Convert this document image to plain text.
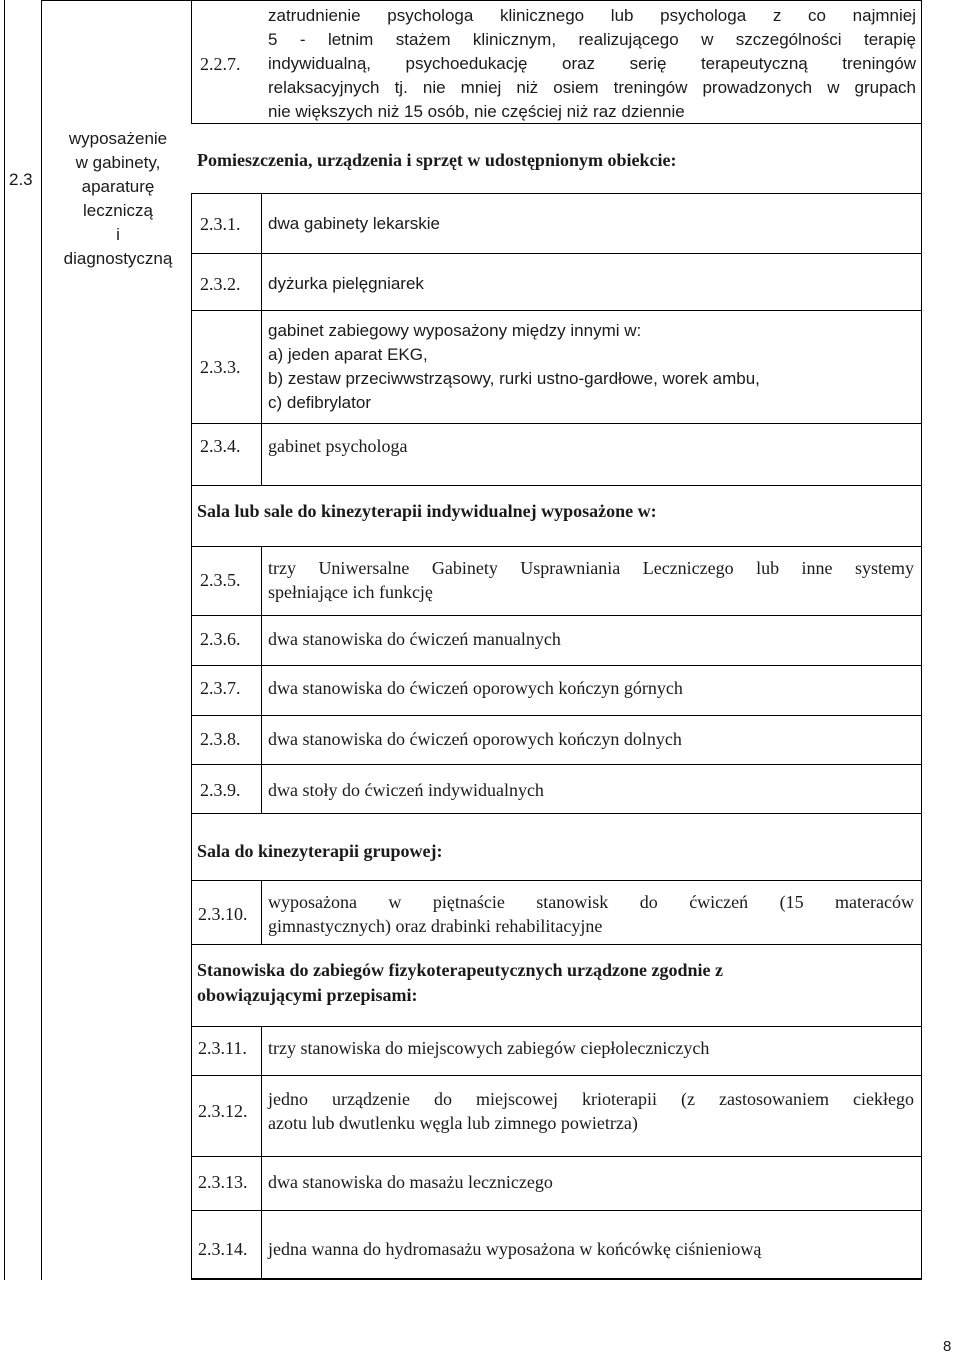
2.3
wyposażenie
w gabinety,
aparaturę
leczniczą
i
diagnostyczną
2.2.7.
zatrudnienie psychologa klinicznego lub psychologa z co najmniej
5 - letnim stażem klinicznym, realizującego w szczególności terapię
indywidualną, psychoedukację oraz serię terapeutyczną treningów
relaksacyjnych tj. nie mniej niż osiem treningów prowadzonych w grupach
nie większych niż 15 osób, nie częściej niż raz dziennie
Pomieszczenia, urządzenia i sprzęt w udostępnionym obiekcie:
2.3.1. dwa gabinety lekarskie
2.3.2. dyżurka pielęgniarek
2.3.3.
gabinet zabiegowy wyposażony między innymi w:
a) jeden aparat EKG,
b) zestaw przeciwwstrząsowy, rurki ustno-gardłowe, worek ambu,
c) defibrylator
2.3.4. gabinet psychologa
Sala lub sale do kinezyterapii indywidualnej wyposażone w:
2.3.5.
trzy Uniwersalne Gabinety Usprawniania Leczniczego lub inne systemy
spełniające ich funkcję
2.3.6. dwa stanowiska do ćwiczeń manualnych
2.3.7. dwa stanowiska do ćwiczeń oporowych kończyn górnych
2.3.8. dwa stanowiska do ćwiczeń oporowych kończyn dolnych
2.3.9. dwa stoły do ćwiczeń indywidualnych
Sala do kinezyterapii grupowej:
2.3.10.
wyposażona w piętnaście stanowisk do ćwiczeń (15 materaców
gimnastycznych) oraz drabinki rehabilitacyjne
Stanowiska do zabiegów fizykoterapeutycznych urządzone zgodnie z
obowiązującymi przepisami:
2.3.11. trzy stanowiska do miejscowych zabiegów ciepłoleczniczych
2.3.12.
jedno urządzenie do miejscowej krioterapii (z zastosowaniem ciekłego
azotu lub dwutlenku węgla lub zimnego powietrza)
2.3.13. dwa stanowiska do masażu leczniczego
2.3.14. jedna wanna do hydromasażu wyposażona w końcówkę ciśnieniową
8
